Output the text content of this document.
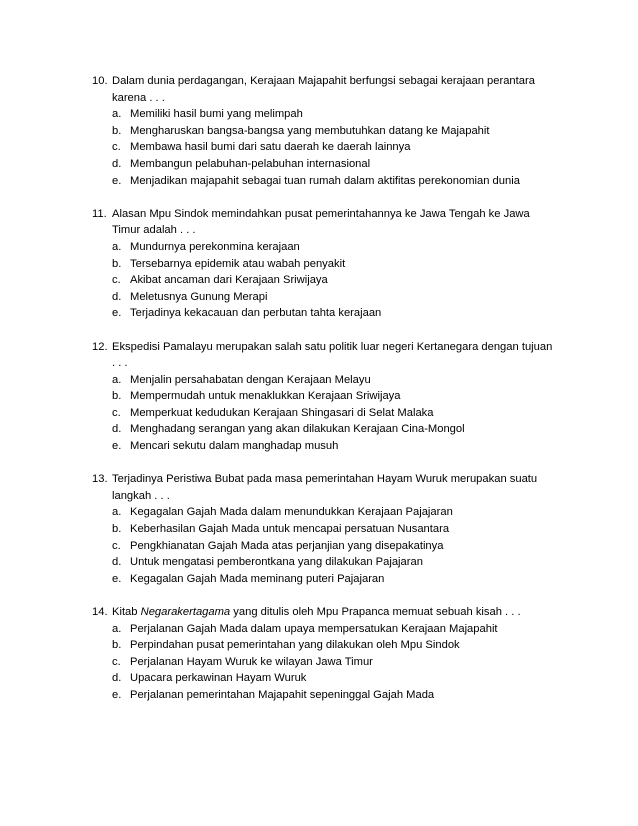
10. Dalam dunia perdagangan, Kerajaan Majapahit berfungsi sebagai kerajaan perantara
karena . . .
a. Memiliki hasil bumi yang melimpah
b. Mengharuskan bangsa-bangsa yang membutuhkan datang ke Majapahit
c. Membawa hasil bumi dari satu daerah ke daerah lainnya
d. Membangun pelabuhan-pelabuhan internasional
e. Menjadikan majapahit sebagai tuan rumah dalam aktifitas perekonomian dunia
11. Alasan Mpu Sindok memindahkan pusat pemerintahannya ke Jawa Tengah ke Jawa
Timur adalah . . .
a. Mundurnya perekonmina kerajaan
b. Tersebarnya epidemik atau wabah penyakit
c. Akibat ancaman dari Kerajaan Sriwijaya
d. Meletusnya Gunung Merapi
e. Terjadinya kekacauan dan perbutan tahta kerajaan
12. Ekspedisi Pamalayu merupakan salah satu politik luar negeri Kertanegara dengan tujuan
. . .
a. Menjalin persahabatan dengan Kerajaan Melayu
b. Mempermudah untuk menaklukkan Kerajaan Sriwijaya
c. Memperkuat kedudukan Kerajaan Shingasari di Selat Malaka
d. Menghadang serangan yang akan dilakukan Kerajaan Cina-Mongol
e. Mencari sekutu dalam manghadap musuh
13. Terjadinya Peristiwa Bubat pada masa pemerintahan Hayam Wuruk merupakan suatu
langkah . . .
a. Kegagalan Gajah Mada dalam menundukkan Kerajaan Pajajaran
b. Keberhasilan Gajah Mada untuk mencapai persatuan Nusantara
c. Pengkhianatan Gajah Mada atas perjanjian yang disepakatinya
d. Untuk mengatasi pemberontkana yang dilakukan Pajajaran
e. Kegagalan Gajah Mada meminang puteri Pajajaran
14. Kitab Negarakertagama yang ditulis oleh Mpu Prapanca memuat sebuah kisah . . .
a. Perjalanan Gajah Mada dalam upaya mempersatukan Kerajaan Majapahit
b. Perpindahan pusat pemerintahan yang dilakukan oleh Mpu Sindok
c. Perjalanan Hayam Wuruk ke wilayan Jawa Timur
d. Upacara perkawinan Hayam Wuruk
e. Perjalanan pemerintahan Majapahit sepeninggal Gajah Mada
